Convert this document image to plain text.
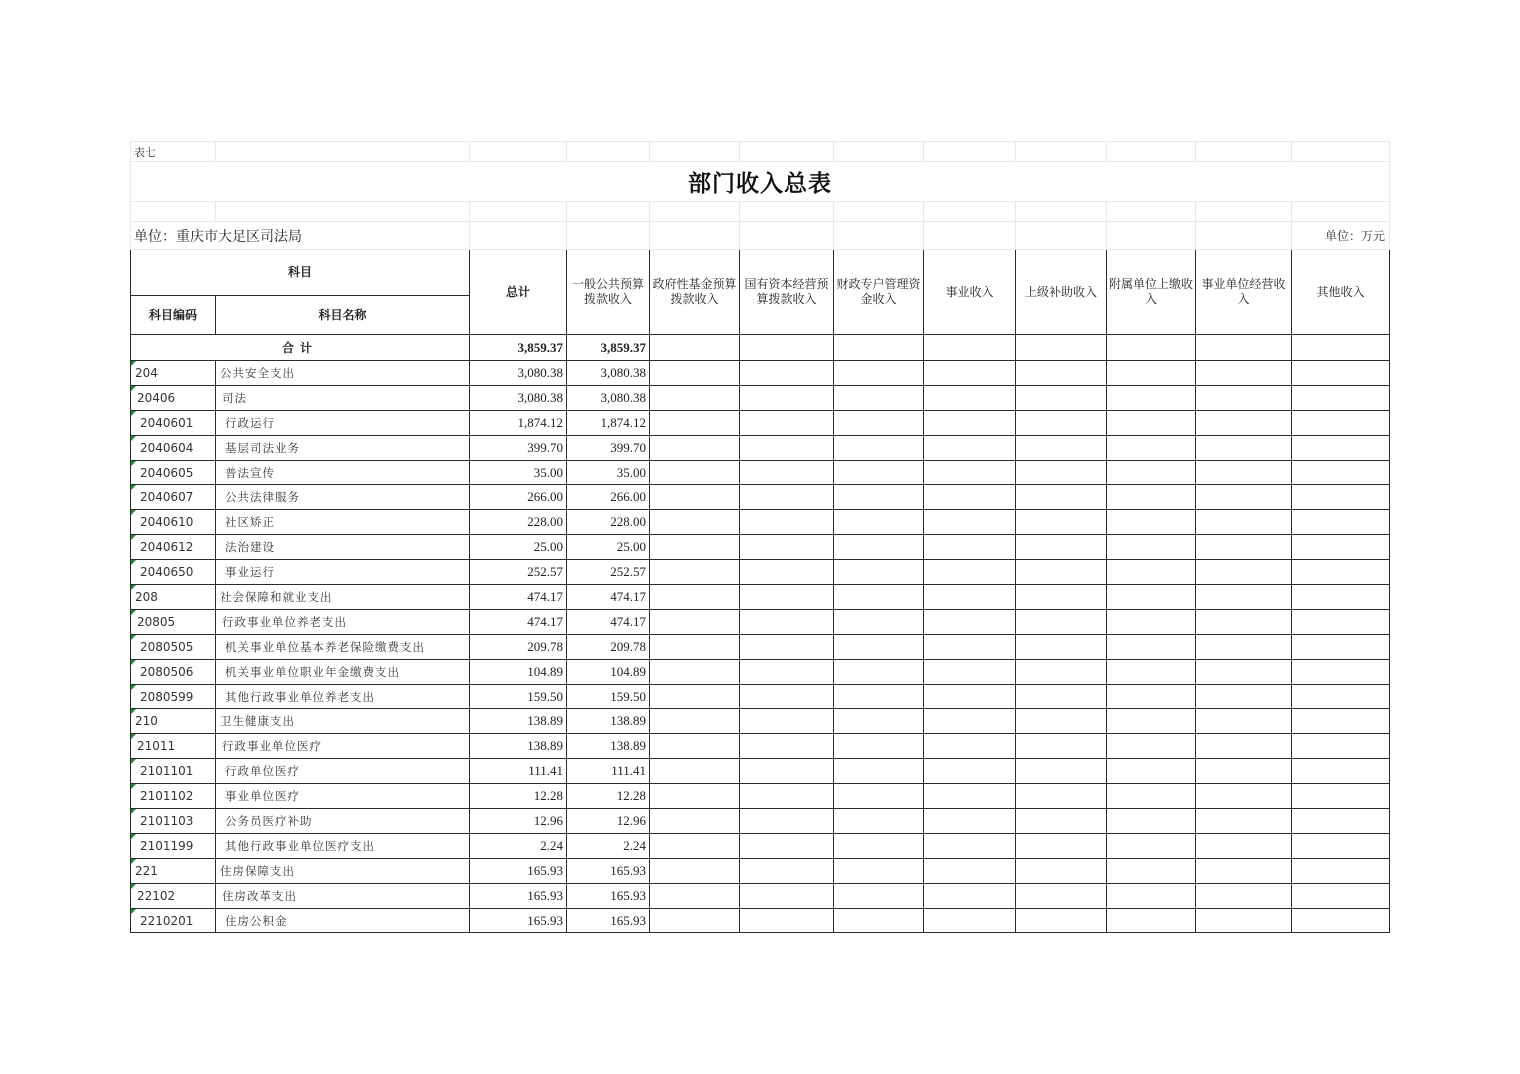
表七											
部门收入总表											

单位：重庆市大足区司法局											单位：万元
科目		总计	一般公共预算拨款收入	政府性基金预算拨款收入	国有资本经营预算拨款收入	财政专户管理资金收入	事业收入	上级补助收入	附属单位上缴收入	事业单位经营收入	其他收入
科目编码	科目名称										
合计		3,859.37	3,859.37								

204	公共安全支出	3,080.38	3,080.38								

20406	司法	3,080.38	3,080.38								

2040601	行政运行	1,874.12	1,874.12								

2040604	基层司法业务	399.70	399.70								

2040605	普法宣传	35.00	35.00								

2040607	公共法律服务	266.00	266.00								

2040610	社区矫正	228.00	228.00								

2040612	法治建设	25.00	25.00								

2040650	事业运行	252.57	252.57								

208	社会保障和就业支出	474.17	474.17								

20805	行政事业单位养老支出	474.17	474.17								

2080505	机关事业单位基本养老保险缴费支出	209.78	209.78								

2080506	机关事业单位职业年金缴费支出	104.89	104.89								

2080599	其他行政事业单位养老支出	159.50	159.50								

210	卫生健康支出	138.89	138.89								

21011	行政事业单位医疗	138.89	138.89								

2101101	行政单位医疗	111.41	111.41								

2101102	事业单位医疗	12.28	12.28								

2101103	公务员医疗补助	12.96	12.96								

2101199	其他行政事业单位医疗支出	2.24	2.24								

221	住房保障支出	165.93	165.93								

22102	住房改革支出	165.93	165.93								

2210201	住房公积金	165.93	165.93								
